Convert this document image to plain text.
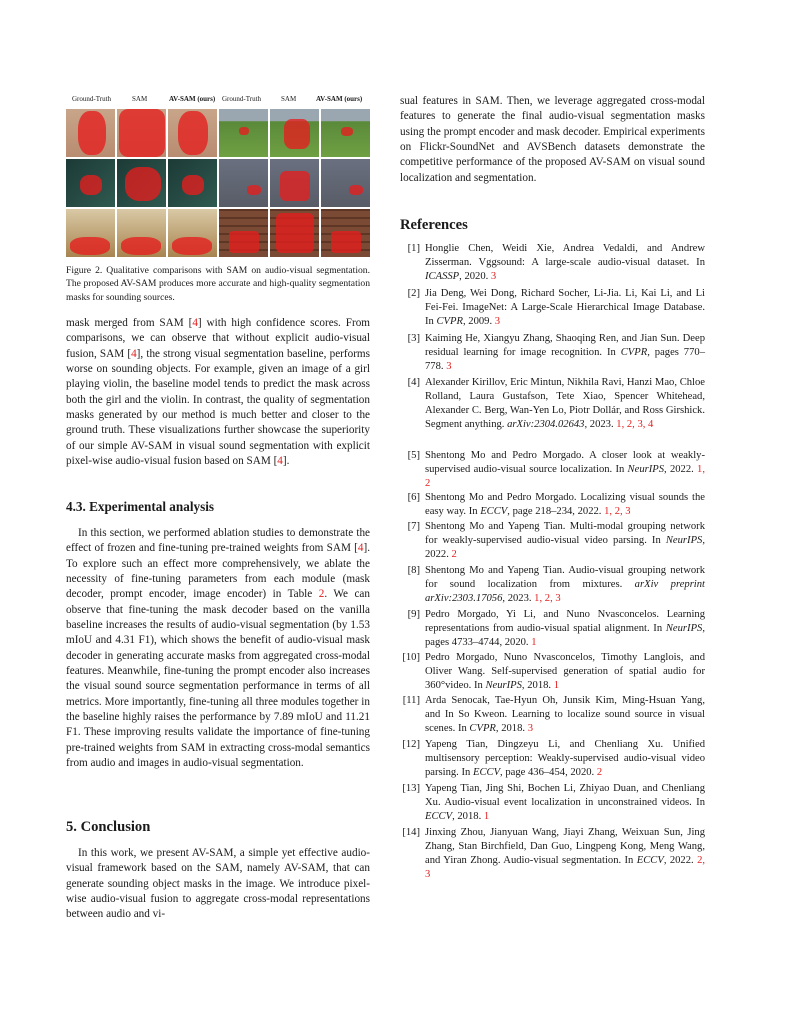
Ground-Truth	SAM	AV-SAM (ours) Ground-Truth	SAM	AV-SAM (ours)

Figure 2. Qualitative comparisons with SAM on audio-visual segmentation. The proposed AV-SAM produces more accurate and high-quality segmentation masks for sounding sources.

mask merged from SAM [4] with high confidence scores. From comparisons, we can observe that without explicit audio-visual fusion, SAM [4], the strong visual segmentation baseline, performs worse on sounding objects. For example, given an image of a girl playing violin, the baseline model tends to predict the mask across both the girl and the violin. In contrast, the quality of segmentation masks generated by our method is much better and closer to the ground truth. These visualizations further showcase the superiority of our simple AV-SAM in visual sound segmentation with explicit pixel-wise audio-visual fusion based on SAM [4].

4.3. Experimental analysis

In this section, we performed ablation studies to demonstrate the effect of frozen and fine-tuning pre-trained weights from SAM [4]. To explore such an effect more comprehensively, we ablate the necessity of fine-tuning parameters from each module (mask decoder, prompt encoder, image encoder) in Table 2. We can observe that fine-tuning the mask decoder based on the vanilla baseline increases the results of audio-visual segmentation (by 1.53 mIoU and 4.31 F1), which shows the benefit of audio-visual mask decoder in generating accurate masks from aggregated cross-modal features. Meanwhile, fine-tuning the prompt encoder also increases the visual sound source segmentation performance in terms of all metrics. More importantly, fine-tuning all three modules together in the baseline highly raises the performance by 7.89 mIoU and 11.21 F1. These improving results validate the importance of fine-tuning pre-trained weights from SAM in extracting cross-modal semantics from audio and images in audio-visual segmentation.

5. Conclusion

In this work, we present AV-SAM, a simple yet effective audio-visual framework based on the SAM, namely AV-SAM, that can generate sounding object masks in the image. We introduce pixel-wise audio-visual fusion to aggregate cross-modal representations between audio and vi-

sual features in SAM. Then, we leverage aggregated cross-modal features to generate the final audio-visual segmentation masks using the prompt encoder and mask decoder. Empirical experiments on Flickr-SoundNet and AVSBench datasets demonstrate the competitive performance of the proposed AV-SAM on visual sound localization and segmentation.

References
[1] Honglie Chen, Weidi Xie, Andrea Vedaldi, and Andrew Zisserman. Vggsound: A large-scale audio-visual dataset. In ICASSP, 2020. 3
[2] Jia Deng, Wei Dong, Richard Socher, Li-Jia. Li, Kai Li, and Li Fei-Fei. ImageNet: A Large-Scale Hierarchical Image Database. In CVPR, 2009. 3
[3] Kaiming He, Xiangyu Zhang, Shaoqing Ren, and Jian Sun. Deep residual learning for image recognition. In CVPR, pages 770–778. 3
[4] Alexander Kirillov, Eric Mintun, Nikhila Ravi, Hanzi Mao, Chloe Rolland, Laura Gustafson, Tete Xiao, Spencer Whitehead, Alexander C. Berg, Wan-Yen Lo, Piotr Dollár, and Ross Girshick. Segment anything. arXiv:2304.02643, 2023. 1, 2, 3, 4
[5] Shentong Mo and Pedro Morgado. A closer look at weakly-supervised audio-visual source localization. In NeurIPS, 2022. 1, 2
[6] Shentong Mo and Pedro Morgado. Localizing visual sounds the easy way. In ECCV, page 218–234, 2022. 1, 2, 3
[7] Shentong Mo and Yapeng Tian. Multi-modal grouping network for weakly-supervised audio-visual video parsing. In NeurIPS, 2022. 2
[8] Shentong Mo and Yapeng Tian. Audio-visual grouping network for sound localization from mixtures. arXiv preprint arXiv:2303.17056, 2023. 1, 2, 3
[9] Pedro Morgado, Yi Li, and Nuno Nvasconcelos. Learning representations from audio-visual spatial alignment. In NeurIPS, pages 4733–4744, 2020. 1
[10] Pedro Morgado, Nuno Nvasconcelos, Timothy Langlois, and Oliver Wang. Self-supervised generation of spatial audio for 360°video. In NeurIPS, 2018. 1
[11] Arda Senocak, Tae-Hyun Oh, Junsik Kim, Ming-Hsuan Yang, and In So Kweon. Learning to localize sound source in visual scenes. In CVPR, 2018. 3
[12] Yapeng Tian, Dingzeyu Li, and Chenliang Xu. Unified multisensory perception: Weakly-supervised audio-visual video parsing. In ECCV, page 436–454, 2020. 2
[13] Yapeng Tian, Jing Shi, Bochen Li, Zhiyao Duan, and Chenliang Xu. Audio-visual event localization in unconstrained videos. In ECCV, 2018. 1
[14] Jinxing Zhou, Jianyuan Wang, Jiayi Zhang, Weixuan Sun, Jing Zhang, Stan Birchfield, Dan Guo, Lingpeng Kong, Meng Wang, and Yiran Zhong. Audio-visual segmentation. In ECCV, 2022. 2, 3
